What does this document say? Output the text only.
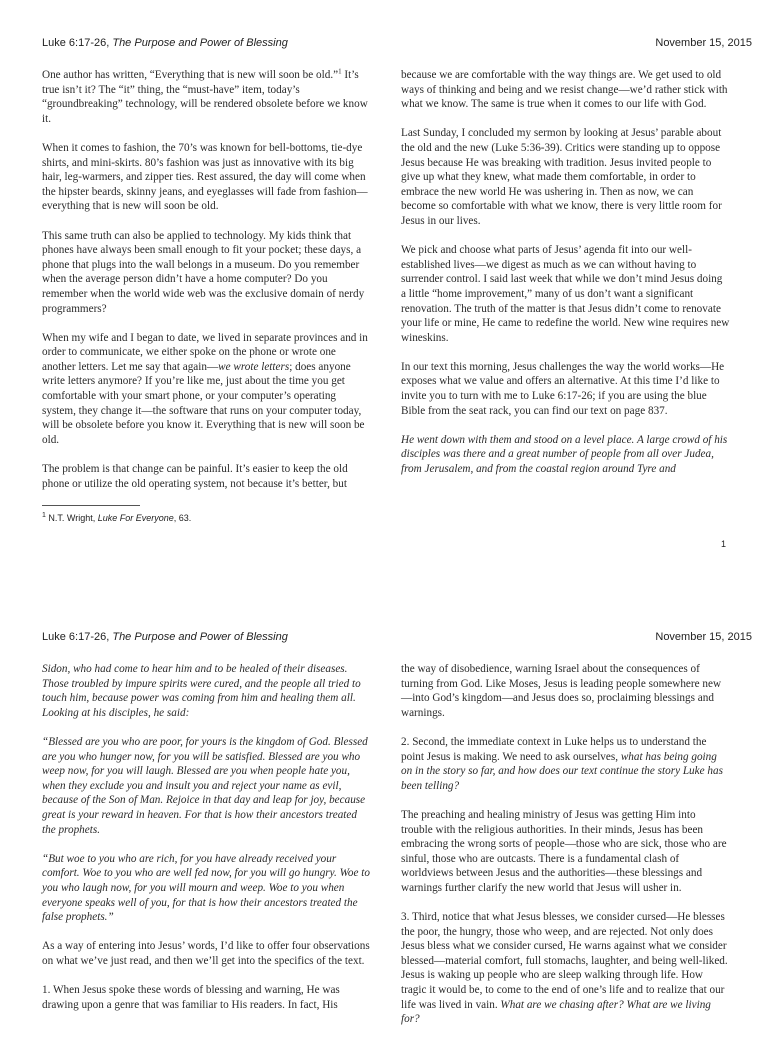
Luke 6:17-26, The Purpose and Power of Blessing	November 15, 2015

One author has written, “Everything that is new will soon be old.”$^1$ It’s true isn’t it? The “it” thing, the “must-have” item, today’s “groundbreaking” technology, will be rendered obsolete before we know it.

When it comes to fashion, the 70’s was known for bell-bottoms, tie-dye shirts, and mini-skirts. 80’s fashion was just as innovative with its big hair, leg-warmers, and zipper ties. Rest assured, the day will come when the hipster beards, skinny jeans, and eyeglasses will fade from fashion—everything that is new will soon be old.

This same truth can also be applied to technology. My kids think that phones have always been small enough to fit your pocket; these days, a phone that plugs into the wall belongs in a museum. Do you remember when the average person didn’t have a home computer? Do you remember when the world wide web was the exclusive domain of nerdy programmers?

When my wife and I began to date, we lived in separate provinces and in order to communicate, we either spoke on the phone or wrote one another letters. Let me say that again—we wrote letters; does anyone write letters anymore? If you’re like me, just about the time you get comfortable with your smart phone, or your computer’s operating system, they change it—the software that runs on your computer today, will be obsolete before you know it. Everything that is new will soon be old.

The problem is that change can be painful. It’s easier to keep the old phone or utilize the old operating system, not because it’s better, but

because we are comfortable with the way things are. We get used to old ways of thinking and being and we resist change—we’d rather stick with what we know. The same is true when it comes to our life with God.

Last Sunday, I concluded my sermon by looking at Jesus’ parable about the old and the new (Luke 5:36-39). Critics were standing up to oppose Jesus because He was breaking with tradition. Jesus invited people to give up what they knew, what made them comfortable, in order to embrace the new world He was ushering in. Then as now, we can become so comfortable with what we know, there is very little room for Jesus in our lives.

We pick and choose what parts of Jesus’ agenda fit into our well-established lives—we digest as much as we can without having to surrender control. I said last week that while we don’t mind Jesus doing a little “home improvement,” many of us don’t want a significant renovation. The truth of the matter is that Jesus didn’t come to renovate your life or mine, He came to redefine the world. New wine requires new wineskins.

In our text this morning, Jesus challenges the way the world works—He exposes what we value and offers an alternative. At this time I’d like to invite you to turn with me to Luke 6:17-26; if you are using the blue Bible from the seat rack, you can find our text on page 837.

He went down with them and stood on a level place. A large crowd of his disciples was there and a great number of people from all over Judea, from Jerusalem, and from the coastal region around Tyre and

$^1$ N.T. Wright, Luke For Everyone, 63.
1
Luke 6:17-26, The Purpose and Power of Blessing	November 15, 2015

Sidon, who had come to hear him and to be healed of their diseases. Those troubled by impure spirits were cured, and the people all tried to touch him, because power was coming from him and healing them all. Looking at his disciples, he said:

“Blessed are you who are poor, for yours is the kingdom of God. Blessed are you who hunger now, for you will be satisfied. Blessed are you who weep now, for you will laugh. Blessed are you when people hate you, when they exclude you and insult you and reject your name as evil, because of the Son of Man. Rejoice in that day and leap for joy, because great is your reward in heaven. For that is how their ancestors treated the prophets.

“But woe to you who are rich, for you have already received your comfort. Woe to you who are well fed now, for you will go hungry. Woe to you who laugh now, for you will mourn and weep. Woe to you when everyone speaks well of you, for that is how their ancestors treated the false prophets.”

As a way of entering into Jesus’ words, I’d like to offer four observations on what we’ve just read, and then we’ll get into the specifics of the text.

1. When Jesus spoke these words of blessing and warning, He was drawing upon a genre that was familiar to His readers. In fact, His

the way of disobedience, warning Israel about the consequences of turning from God. Like Moses, Jesus is leading people somewhere new—into God’s kingdom—and Jesus does so, proclaiming blessings and warnings.

2. Second, the immediate context in Luke helps us to understand the point Jesus is making. We need to ask ourselves, what has being going on in the story so far, and how does our text continue the story Luke has been telling?

The preaching and healing ministry of Jesus was getting Him into trouble with the religious authorities. In their minds, Jesus has been embracing the wrong sorts of people—those who are sick, those who are sinful, those who are outcasts. There is a fundamental clash of worldviews between Jesus and the authorities—these blessings and warnings further clarify the new world that Jesus will usher in.

3. Third, notice that what Jesus blesses, we consider cursed—He blesses the poor, the hungry, those who weep, and are rejected. Not only does Jesus bless what we consider cursed, He warns against what we consider blessed—material comfort, full stomachs, laughter, and being well-liked. Jesus is waking up people who are sleep walking through life. How tragic it would be, to come to the end of one’s life and to realize that our life was lived in vain. What are we chasing after? What are we living for?
